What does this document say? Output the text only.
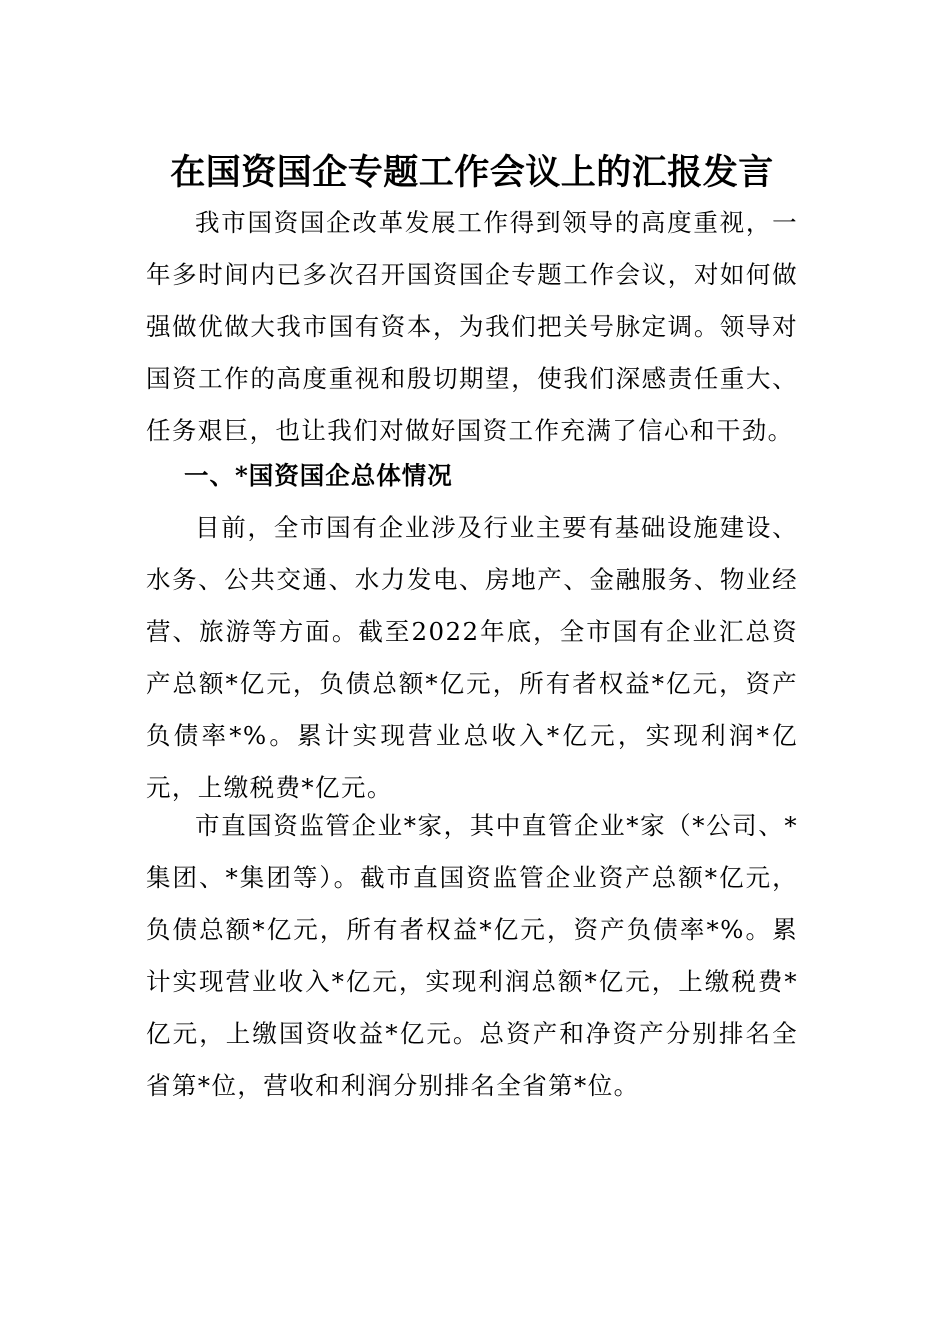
在国资国企专题工作会议上的汇报发言

我市国资国企改革发展工作得到领导的高度重视，一年多时间内已多次召开国资国企专题工作会议，对如何做强做优做大我市国有资本，为我们把关号脉定调。领导对国资工作的高度重视和殷切期望，使我们深感责任重大、任务艰巨，也让我们对做好国资工作充满了信心和干劲。

一、*国资国企总体情况

目前，全市国有企业涉及行业主要有基础设施建设、水务、公共交通、水力发电、房地产、金融服务、物业经营、旅游等方面。截至2022年底，全市国有企业汇总资产总额*亿元，负债总额*亿元，所有者权益*亿元，资产负债率*%。累计实现营业总收入*亿元，实现利润*亿元，上缴税费*亿元。

市直国资监管企业*家，其中直管企业*家（*公司、*集团、*集团等）。截市直国资监管企业资产总额*亿元，负债总额*亿元，所有者权益*亿元，资产负债率*%。累计实现营业收入*亿元，实现利润总额*亿元，上缴税费*亿元，上缴国资收益*亿元。总资产和净资产分别排名全省第*位，营收和利润分别排名全省第*位。
